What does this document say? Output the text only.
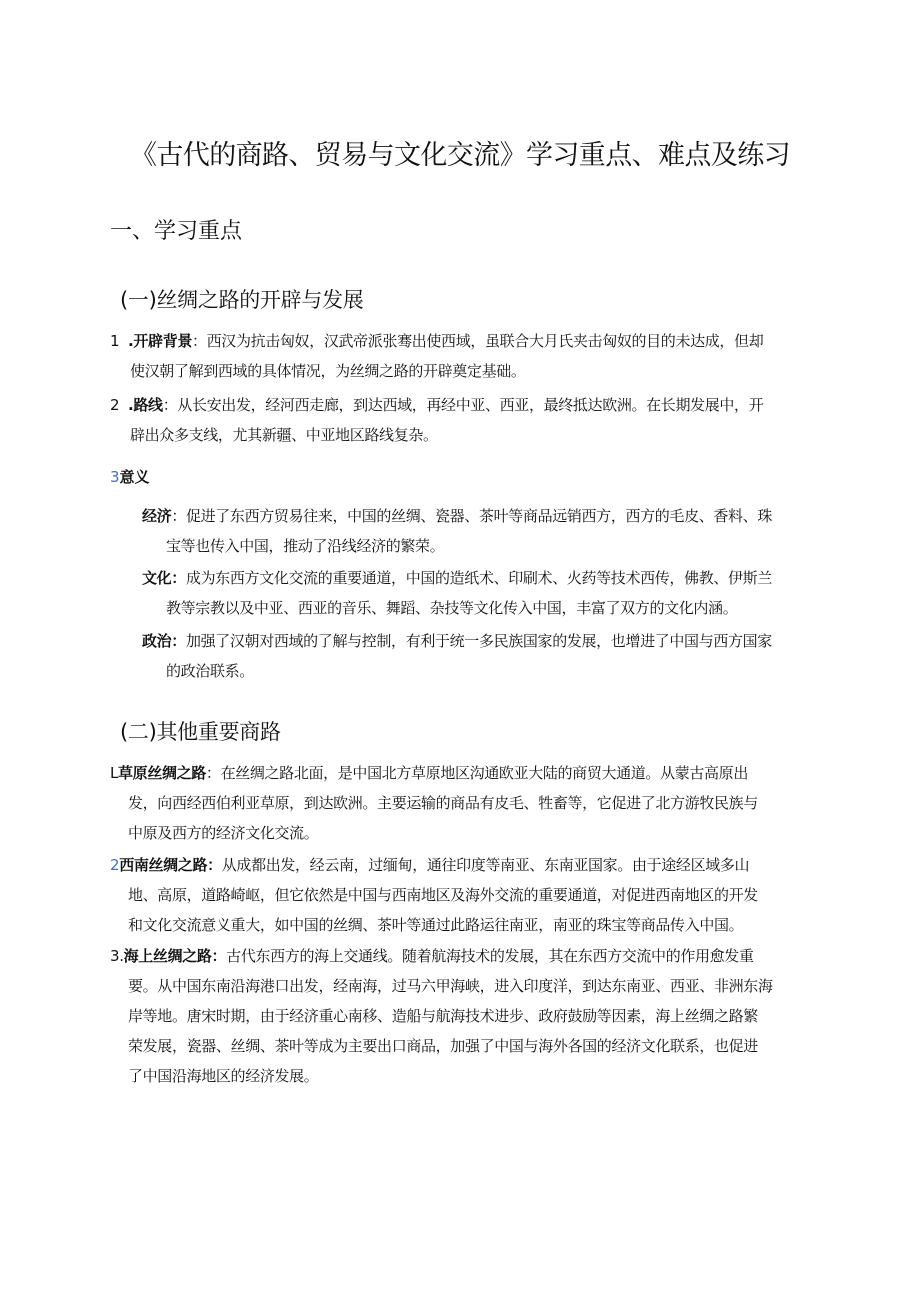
《古代的商路、贸易与文化交流》学习重点、难点及练习
一、学习重点
(一)丝绸之路的开辟与发展
1 .开辟背景：西汉为抗击匈奴，汉武帝派张骞出使西域，虽联合大月氏夹击匈奴的目的未达成，但却
使汉朝了解到西域的具体情况，为丝绸之路的开辟奠定基础。
2 .路线：从长安出发，经河西走廊，到达西域，再经中亚、西亚，最终抵达欧洲。在长期发展中，开
辟出众多支线，尤其新疆、中亚地区路线复杂。
3意义
经济：促进了东西方贸易往来，中国的丝绸、瓷器、茶叶等商品远销西方，西方的毛皮、香料、珠
宝等也传入中国，推动了沿线经济的繁荣。
文化：成为东西方文化交流的重要通道，中国的造纸术、印刷术、火药等技术西传，佛教、伊斯兰
教等宗教以及中亚、西亚的音乐、舞蹈、杂技等文化传入中国，丰富了双方的文化内涵。
政治：加强了汉朝对西域的了解与控制，有利于统一多民族国家的发展，也增进了中国与西方国家
的政治联系。
(二)其他重要商路
L草原丝绸之路：在丝绸之路北面，是中国北方草原地区沟通欧亚大陆的商贸大通道。从蒙古高原出
发，向西经西伯利亚草原，到达欧洲。主要运输的商品有皮毛、牲畜等，它促进了北方游牧民族与
中原及西方的经济文化交流。
2西南丝绸之路：从成都出发，经云南，过缅甸，通往印度等南亚、东南亚国家。由于途经区域多山
地、高原，道路崎岖，但它依然是中国与西南地区及海外交流的重要通道，对促进西南地区的开发
和文化交流意义重大，如中国的丝绸、茶叶等通过此路运往南亚，南亚的珠宝等商品传入中国。
3.海上丝绸之路：古代东西方的海上交通线。随着航海技术的发展，其在东西方交流中的作用愈发重
要。从中国东南沿海港口出发，经南海，过马六甲海峡，进入印度洋，到达东南亚、西亚、非洲东海
岸等地。唐宋时期，由于经济重心南移、造船与航海技术进步、政府鼓励等因素，海上丝绸之路繁
荣发展，瓷器、丝绸、茶叶等成为主要出口商品，加强了中国与海外各国的经济文化联系，也促进
了中国沿海地区的经济发展。
